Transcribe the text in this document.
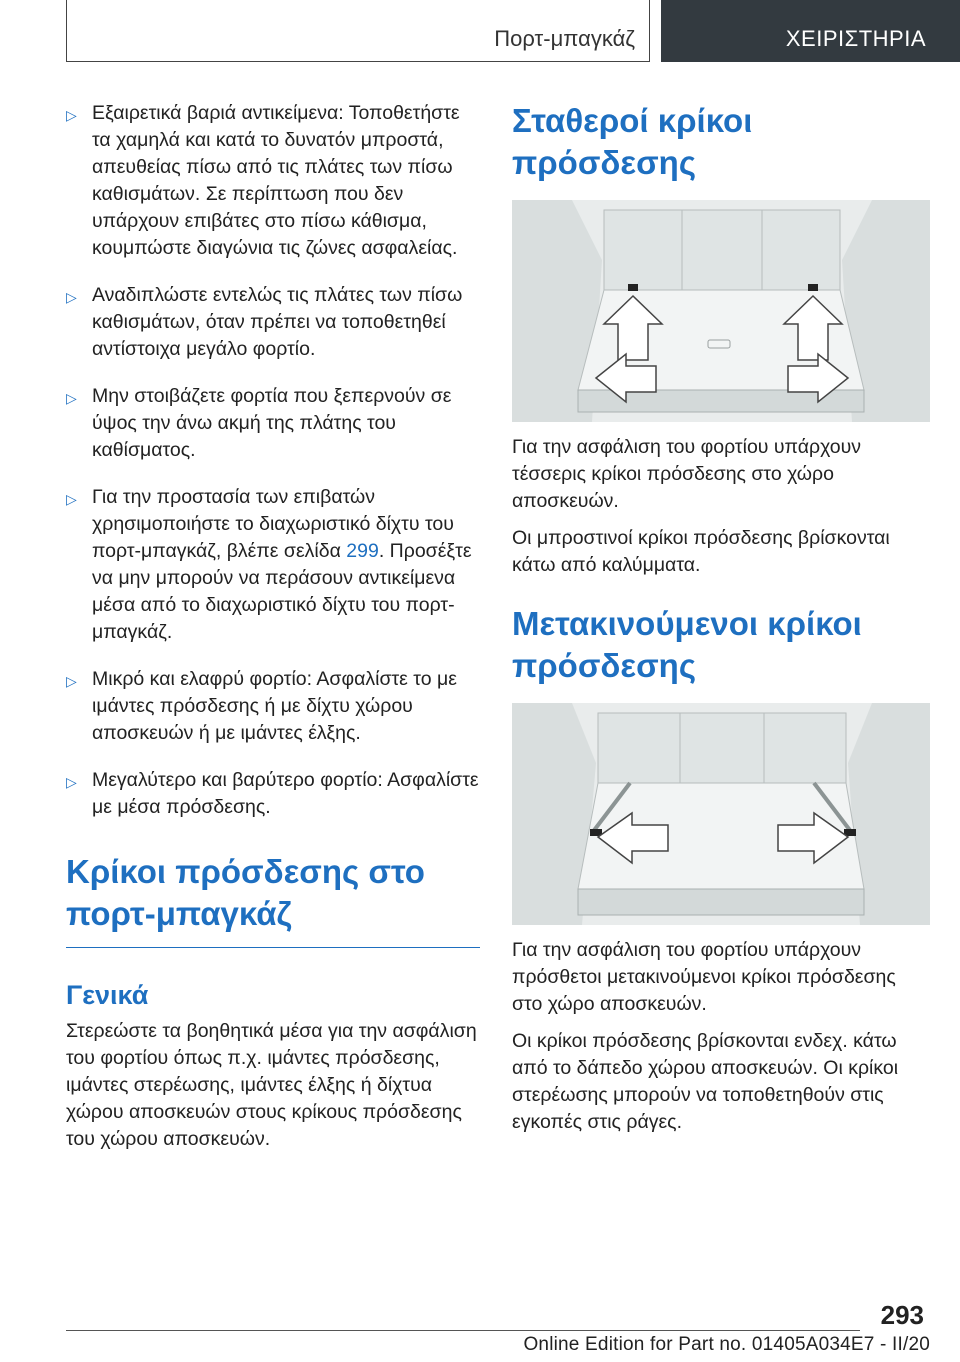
Πορτ-μπαγκάζ	ΧΕΙΡΙΣΤΗΡΙΑ
▷ Εξαιρετικά βαριά αντικείμενα: Τοποθετήστε τα χαμηλά και κατά το δυνατόν μπροστά, απευθείας πίσω από τις πλάτες των πίσω καθισμάτων. Σε περίπτωση που δεν υπάρχουν επιβάτες στο πίσω κάθισμα, κουμπώστε διαγώνια τις ζώνες ασφαλείας.
▷ Αναδιπλώστε εντελώς τις πλάτες των πίσω καθισμάτων, όταν πρέπει να τοποθετηθεί αντίστοιχα μεγάλο φορτίο.
▷ Μην στοιβάζετε φορτία που ξεπερνούν σε ύψος την άνω ακμή της πλάτης του καθίσματος.
▷ Για την προστασία των επιβατών χρησιμοποιήστε το διαχωριστικό δίχτυ του πορτ-μπαγκάζ, βλέπε σελίδα 299. Προσέξτε να μην μπορούν να περάσουν αντικείμενα μέσα από το διαχωριστικό δίχτυ του πορτ-μπαγκάζ.
▷ Μικρό και ελαφρύ φορτίο: Ασφαλίστε το με ιμάντες πρόσδεσης ή με δίχτυ χώρου αποσκευών ή με ιμάντες έλξης.
▷ Μεγαλύτερο και βαρύτερο φορτίο: Ασφαλίστε με μέσα πρόσδεσης.
Κρίκοι πρόσδεσης στο πορτ-μπαγκάζ
Γενικά

Στερεώστε τα βοηθητικά μέσα για την ασφάλιση του φορτίου όπως π.χ. ιμάντες πρόσδεσης, ιμάντες στερέωσης, ιμάντες έλξης ή δίχτυα χώρου αποσκευών στους κρίκους πρόσδεσης του χώρου αποσκευών.

Σταθεροί κρίκοι πρόσδεσης

Για την ασφάλιση του φορτίου υπάρχουν τέσσερις κρίκοι πρόσδεσης στο χώρο αποσκευών.

Οι μπροστινοί κρίκοι πρόσδεσης βρίσκονται κάτω από καλύμματα.

Μετακινούμενοι κρίκοι πρόσδεσης

Για την ασφάλιση του φορτίου υπάρχουν πρόσθετοι μετακινούμενοι κρίκοι πρόσδεσης στο χώρο αποσκευών.

Οι κρίκοι πρόσδεσης βρίσκονται ενδεχ. κάτω από το δάπεδο χώρου αποσκευών. Οι κρίκοι στερέωσης μπορούν να τοποθετηθούν στις εγκοπές στις ράγες.

293
Online Edition for Part no. 01405A034E7 - II/20
